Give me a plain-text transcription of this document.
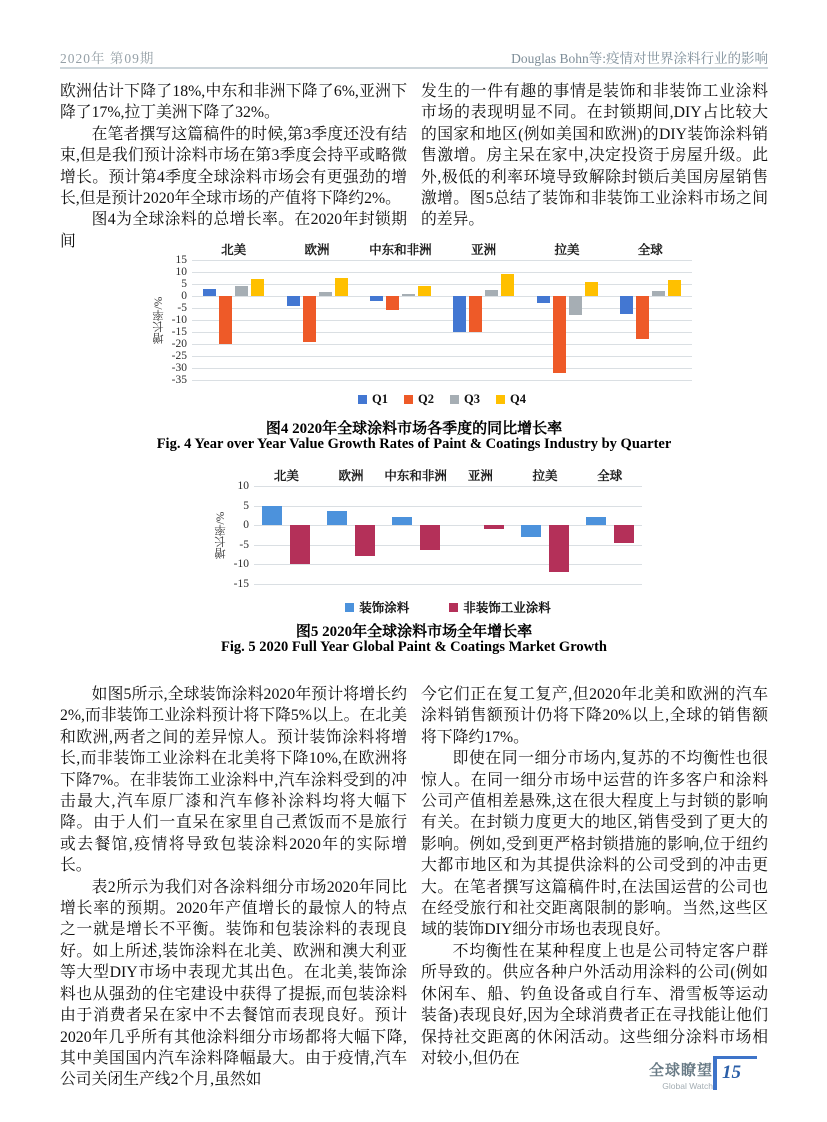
2020年 第09期	Douglas Bohn等:疫情对世界涂料行业的影响

欧洲估计下降了18%,中东和非洲下降了6%,亚洲下降了17%,拉丁美洲下降了32%。

在笔者撰写这篇稿件的时候,第3季度还没有结束,但是我们预计涂料市场在第3季度会持平或略微增长。预计第4季度全球涂料市场会有更强劲的增长,但是预计2020年全球市场的产值将下降约2%。

图4为全球涂料的总增长率。在2020年封锁期间

发生的一件有趣的事情是装饰和非装饰工业涂料市场的表现明显不同。在封锁期间,DIY占比较大的国家和地区(例如美国和欧洲)的DIY装饰涂料销售激增。房主呆在家中,决定投资于房屋升级。此外,极低的利率环境导致解除封锁后美国房屋销售激增。图5总结了装饰和非装饰工业涂料市场之间的差异。

北美	欧洲	中东和非洲	亚洲	拉美	全球
增长率/%
15
10
5
0
-5
-10
-15
-20
-25
-30
-35
Q1 Q2 Q3 Q4
图4 2020年全球涂料市场各季度的同比增长率
Fig. 4 Year over Year Value Growth Rates of Paint & Coatings Industry by Quarter
北美	欧洲	中东和非洲	亚洲	拉美	全球
增长率/%
10
5
0
-5
-10
-15
装饰涂料	非装饰工业涂料
图5 2020年全球涂料市场全年增长率
Fig. 5 2020 Full Year Global Paint & Coatings Market Growth

如图5所示,全球装饰涂料2020年预计将增长约2%,而非装饰工业涂料预计将下降5%以上。在北美和欧洲,两者之间的差异惊人。预计装饰涂料将增长,而非装饰工业涂料在北美将下降10%,在欧洲将下降7%。在非装饰工业涂料中,汽车涂料受到的冲击最大,汽车原厂漆和汽车修补涂料均将大幅下降。由于人们一直呆在家里自己煮饭而不是旅行或去餐馆,疫情将导致包装涂料2020年的实际增长。

表2所示为我们对各涂料细分市场2020年同比增长率的预期。2020年产值增长的最惊人的特点之一就是增长不平衡。装饰和包装涂料的表现良好。如上所述,装饰涂料在北美、欧洲和澳大利亚等大型DIY市场中表现尤其出色。在北美,装饰涂料也从强劲的住宅建设中获得了提振,而包装涂料由于消费者呆在家中不去餐馆而表现良好。预计2020年几乎所有其他涂料细分市场都将大幅下降,其中美国国内汽车涂料降幅最大。由于疫情,汽车公司关闭生产线2个月,虽然如

今它们正在复工复产,但2020年北美和欧洲的汽车涂料销售额预计仍将下降20%以上,全球的销售额将下降约17%。

即使在同一细分市场内,复苏的不均衡性也很惊人。在同一细分市场中运营的许多客户和涂料公司产值相差悬殊,这在很大程度上与封锁的影响有关。在封锁力度更大的地区,销售受到了更大的影响。例如,受到更严格封锁措施的影响,位于纽约大都市地区和为其提供涂料的公司受到的冲击更大。在笔者撰写这篇稿件时,在法国运营的公司也在经受旅行和社交距离限制的影响。当然,这些区域的装饰DIY细分市场也表现良好。

不均衡性在某种程度上也是公司特定客户群所导致的。供应各种户外活动用涂料的公司(例如休闲车、船、钓鱼设备或自行车、滑雪板等运动装备)表现良好,因为全球消费者正在寻找能让他们保持社交距离的休闲活动。这些细分涂料市场相对较小,但仍在

全球瞭望
Global Watch
15
